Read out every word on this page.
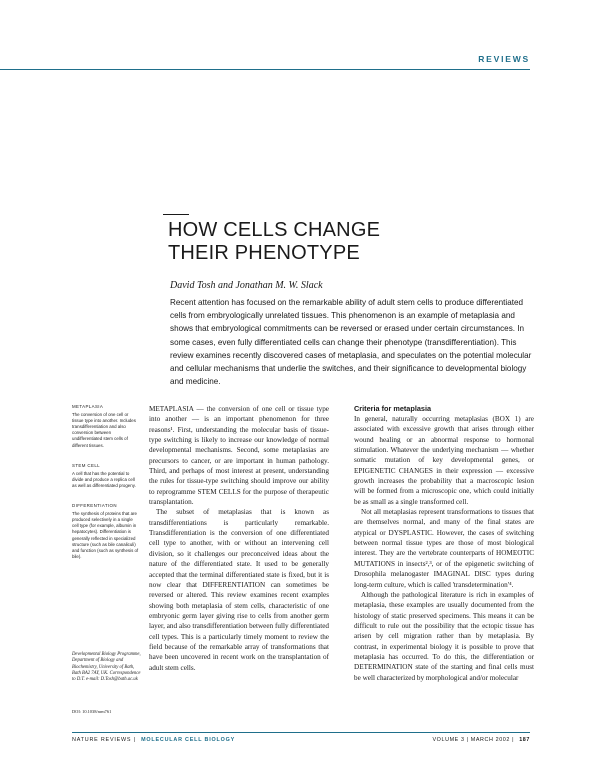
REVIEWS
HOW CELLS CHANGE
THEIR PHENOTYPE
David Tosh and Jonathan M. W. Slack
Recent attention has focused on the remarkable ability of adult stem cells to produce differentiated cells from embryologically unrelated tissues. This phenomenon is an example of metaplasia and shows that embryological commitments can be reversed or erased under certain circumstances. In some cases, even fully differentiated cells can change their phenotype (transdifferentiation). This review examines recently discovered cases of metaplasia, and speculates on the potential molecular and cellular mechanisms that underlie the switches, and their significance to developmental biology and medicine.
METAPLASIA
The conversion of one cell or tissue type into another. Includes transdifferentiation and also conversion between undifferentiated stem cells of different tissues.
STEM CELL
A cell that has the potential to divide and produce a replica cell as well as differentiated progeny.
DIFFERENTIATION
The synthesis of proteins that are produced selectively in a single cell type (for example, albumin in hepatocytes). Differentiation is generally reflected in specialized structure (such as bile canaliculi) and function (such as synthesis of bile).
Developmental Biology Programme, Department of Biology and Biochemistry, University of Bath, Bath BA2 7AY, UK. Correspondence to D.T. e-mail: D.Tosh@bath.ac.uk
DOI: 10.1038/nrm761

METAPLASIA — the conversion of one cell or tissue type into another — is an important phenomenon for three reasons¹. First, understanding the molecular basis of tissue-type switching is likely to increase our knowledge of normal developmental mechanisms. Second, some metaplasias are precursors to cancer, or are important in human pathology. Third, and perhaps of most interest at present, understanding the rules for tissue-type switching should improve our ability to reprogramme STEM CELLS for the purpose of therapeutic transplantation.

The subset of metaplasias that is known as transdifferentiations is particularly remarkable. Transdifferentiation is the conversion of one differentiated cell type to another, with or without an intervening cell division, so it challenges our preconceived ideas about the nature of the differentiated state. It used to be generally accepted that the terminal differentiated state is fixed, but it is now clear that DIFFERENTIATION can sometimes be reversed or altered. This review examines recent examples showing both metaplasia of stem cells, characteristic of one embryonic germ layer giving rise to cells from another germ layer, and also transdifferentiation between fully differentiated cell types. This is a particularly timely moment to review the field because of the remarkable array of transformations that have been uncovered in recent work on the transplantation of adult stem cells.

Criteria for metaplasia

In general, naturally occurring metaplasias (BOX 1) are associated with excessive growth that arises through either wound healing or an abnormal response to hormonal stimulation. Whatever the underlying mechanism — whether somatic mutation of key developmental genes, or EPIGENETIC CHANGES in their expression — excessive growth increases the probability that a macroscopic lesion will be formed from a microscopic one, which could initially be as small as a single transformed cell.

Not all metaplasias represent transformations to tissues that are themselves normal, and many of the final states are atypical or DYSPLASTIC. However, the cases of switching between normal tissue types are those of most biological interest. They are the vertebrate counterparts of HOMEOTIC MUTATIONS in insects²,³, or of the epigenetic switching of Drosophila melanogaster IMAGINAL DISC types during long-term culture, which is called 'transdetermination'⁴.

Although the pathological literature is rich in examples of metaplasia, these examples are usually documented from the histology of static preserved specimens. This means it can be difficult to rule out the possibility that the ectopic tissue has arisen by cell migration rather than by metaplasia. By contrast, in experimental biology it is possible to prove that metaplasia has occurred. To do this, the differentiation or DETERMINATION state of the starting and final cells must be well characterized by morphological and/or molecular

NATURE REVIEWS | MOLECULAR CELL BIOLOGY	VOLUME 3 | MARCH 2002 | 187
